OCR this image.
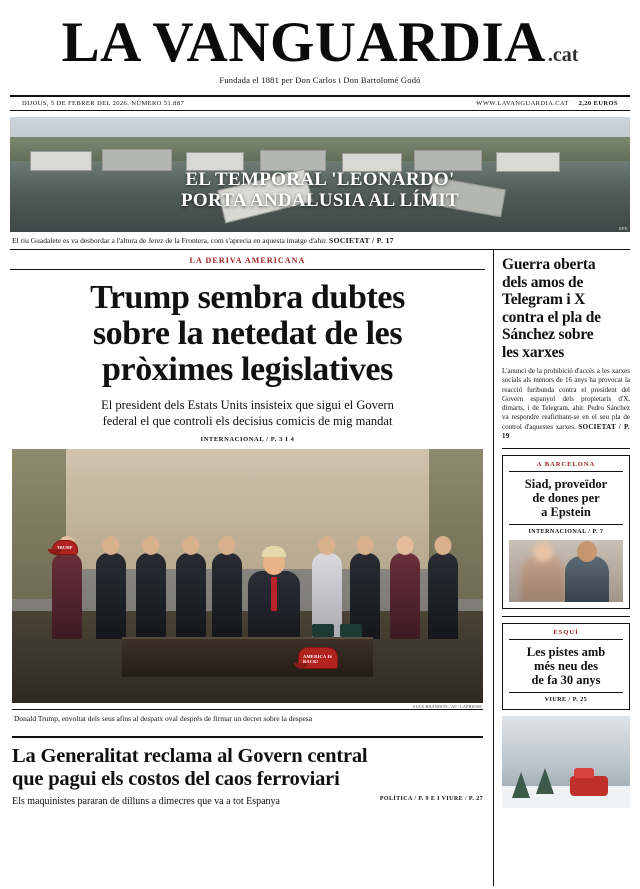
LA VANGUARDIA .cat
Fundada el 1881 per Don Carlos i Don Bartolomé Godó
DIJOUS, 5 DE FEBRER DEL 2026. NÚMERO 51.887	WWW.LAVANGUARDIA.CAT 2,20 EUROS
EL TEMPORAL 'LEONARDO'
PORTA ANDALUSIA AL LÍMIT
EFE
El riu Guadalete es va desbordar a l'altura de Jerez de la Frontera, com s'aprecia en aquesta imatge d'ahir. SOCIETAT / P. 17
LA DERIVA AMERICANA
Trump sembra dubtes
sobre la netedat de les
pròximes legislatives
El president dels Estats Units insisteix que sigui el Govern
federal el que controli els decisius comicis de mig mandat
INTERNACIONAL / P. 3 I 4
TRUMP
AMERICA IS BACK!
ALEX BRANDON / AP / LAPRESSE
Donald Trump, envoltat dels seus afins al despatx oval després de firmar un decret sobre la despesa
La Generalitat reclama al Govern central
que pagui els costos del caos ferroviari
POLÍTICA / P. 9 E I VIURE / P. 27
Els maquinistes pararan de dilluns a dimecres que va a tot Espanya
Guerra oberta
dels amos de
Telegram i X
contra el pla de
Sánchez sobre
les xarxes
L'anunci de la prohibició d'accés a les xarxes socials als menors de 16 anys ha provocat la reacció furibunda contra el president del Govern espanyol dels propietaris d'X, dimarts, i de Telegram, ahir. Pedro Sánchez va respondre reafirmant-se en el seu pla de control d'aquestes xarxes. SOCIETAT / P. 19
A BARCELONA
Siad, proveïdor
de dones per
a Epstein
INTERNACIONAL / P. 7
ESQUÍ
Les pistes amb
més neu des
de fa 30 anys
VIURE / P. 25
